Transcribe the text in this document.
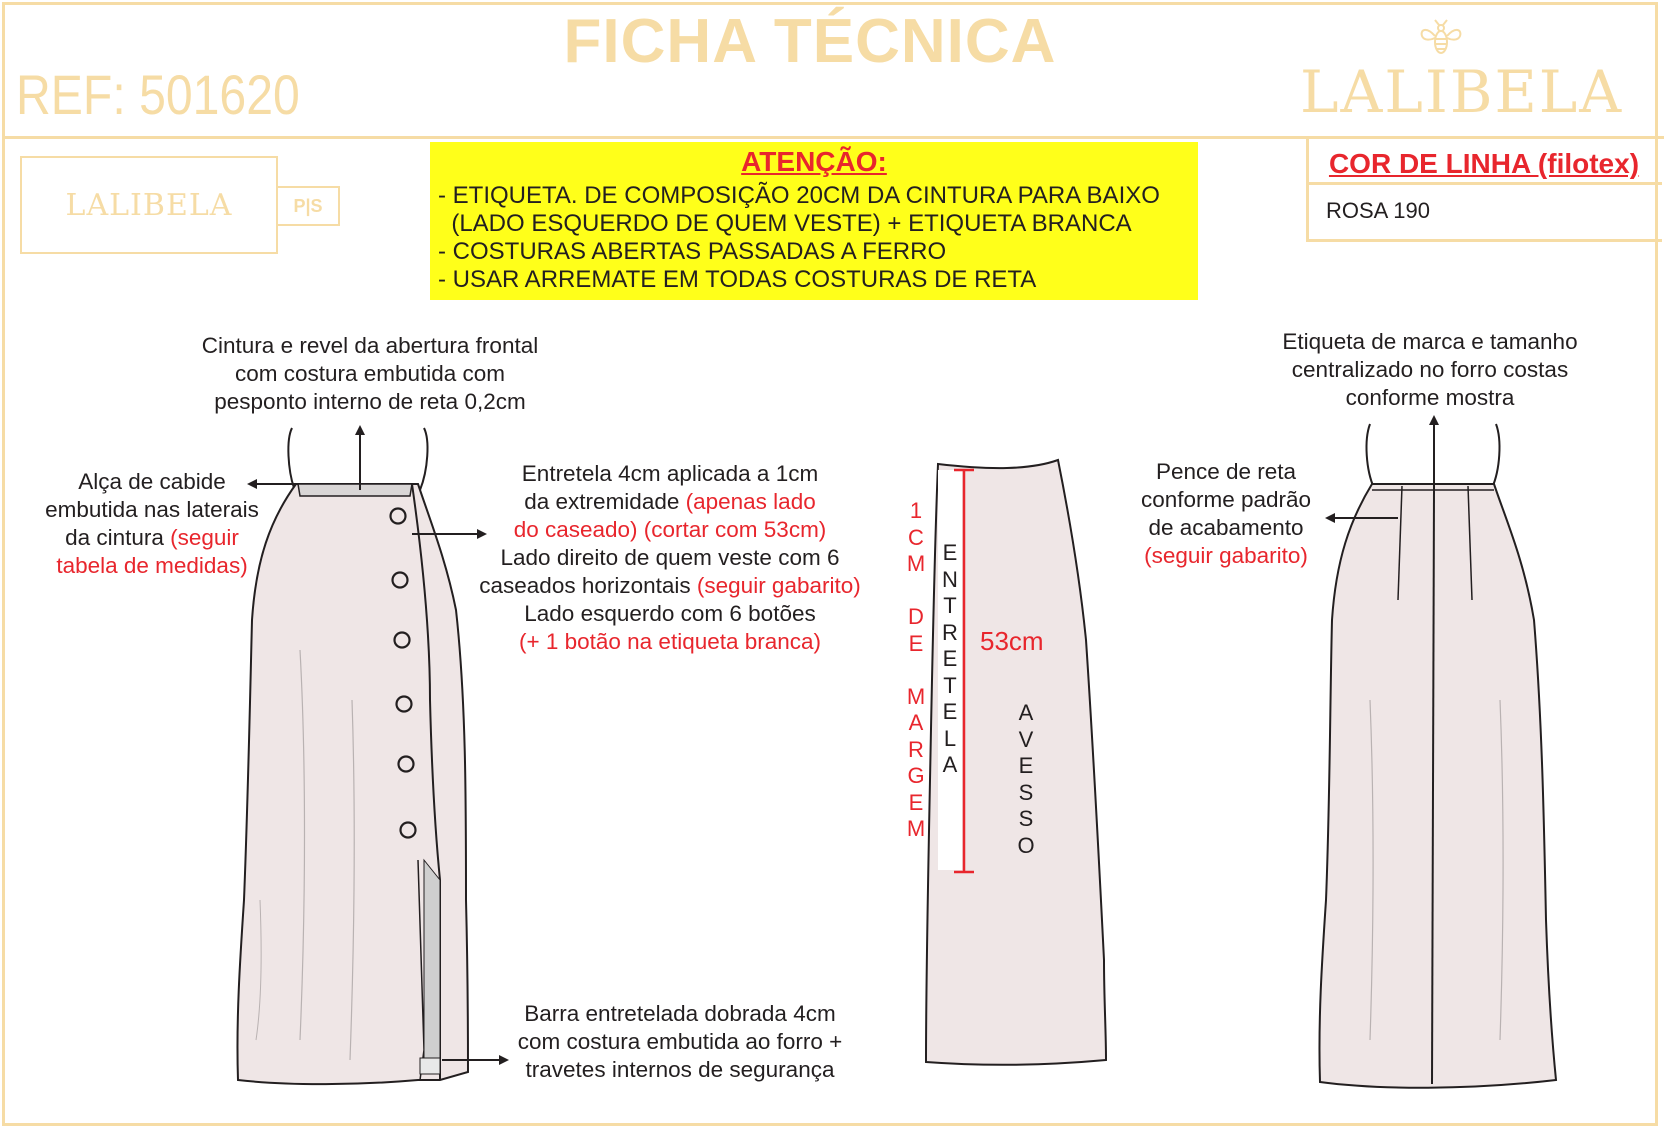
FICHA TÉCNICA
REF: 501620	LALIBELA
LALIBELA	P|S
ATENÇÃO:
- ETIQUETA. DE COMPOSIÇÃO 20CM DA CINTURA PARA BAIXO
(LADO ESQUERDO DE QUEM VESTE) + ETIQUETA BRANCA
- COSTURAS ABERTAS PASSADAS A FERRO
- USAR ARREMATE EM TODAS COSTURAS DE RETA
COR DE LINHA (filotex)
ROSA 190
Cintura e revel da abertura frontal
com costura embutida com
pesponto interno de reta 0,2cm
Alça de cabide
embutida nas laterais
da cintura (seguir
tabela de medidas)
Entretela 4cm aplicada a 1cm
da extremidade (apenas lado
do caseado) (cortar com 53cm)
Lado direito de quem veste com 6
caseados horizontais (seguir gabarito)
Lado esquerdo com 6 botões
(+ 1 botão na etiqueta branca)
Barra entretelada dobrada 4cm
com costura embutida ao forro +
travetes internos de segurança
1
C
M

D
E

M
A
R
G
E
M
E
N
T
R
E
T
E
L
A
A
V
E
S
S
O
53cm
Etiqueta de marca e tamanho
centralizado no forro costas
conforme mostra
Pence de reta
conforme padrão
de acabamento
(seguir gabarito)
